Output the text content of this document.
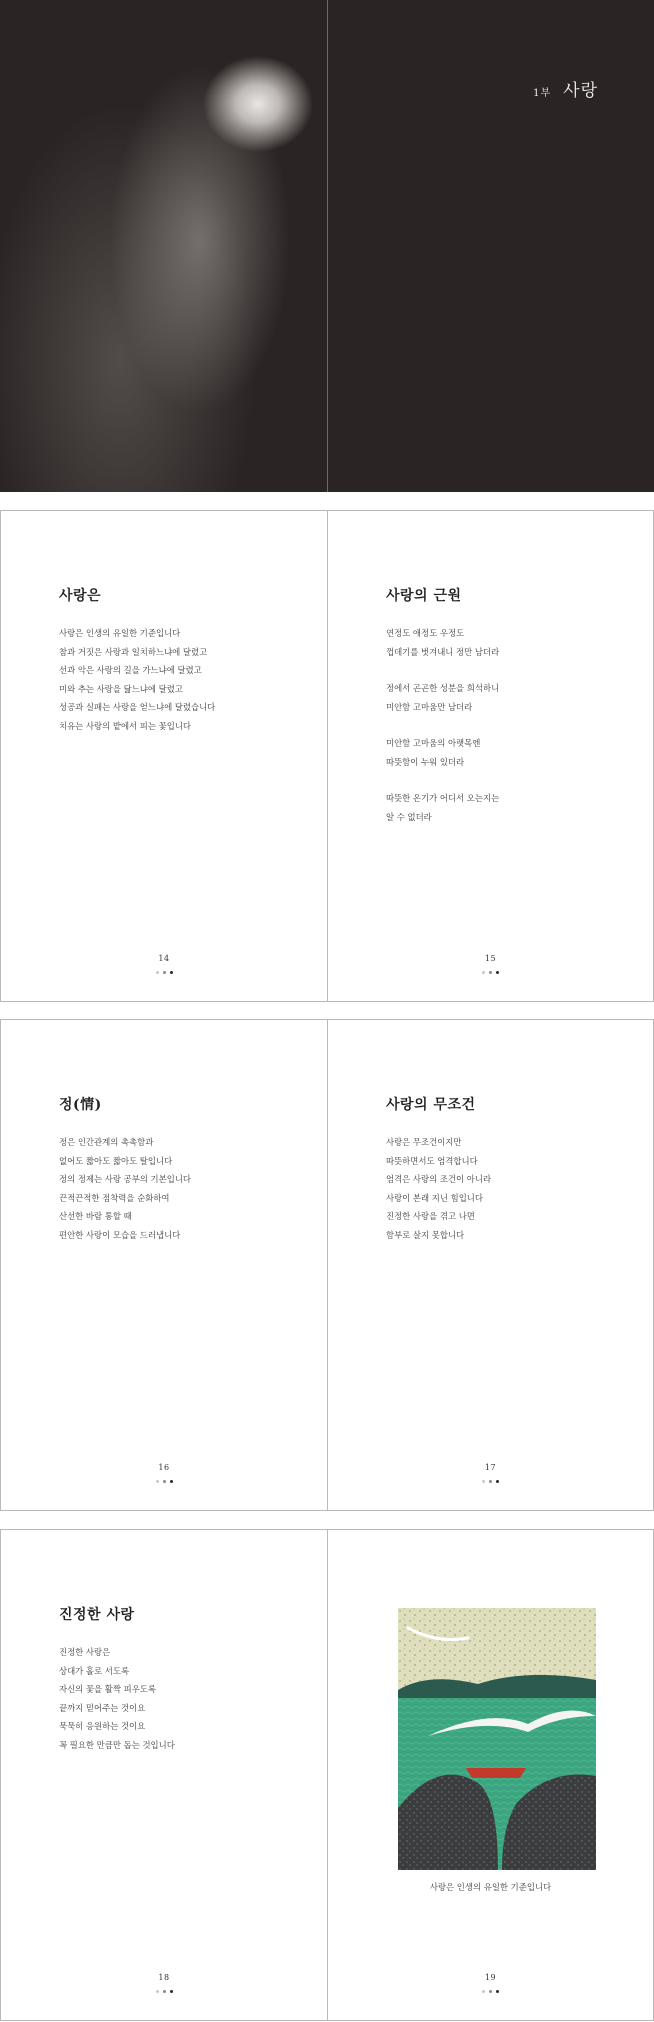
1부 사랑
사랑은
사랑은 인생의 유일한 기준입니다
참과 거짓은 사랑과 일치하느냐에 달렸고
선과 악은 사랑의 길을 가느냐에 달렸고
미와 추는 사랑을 닮느냐에 달렸고
성공과 실패는 사랑을 얻느냐에 달렸습니다
치유는 사랑의 밭에서 피는 꽃입니다
14
사랑의 근원
연정도 애정도 우정도
껍데기를 벗겨내니 정만 남더라
정에서 곤곤한 성분을 희석하니
미안함 고마움만 남더라
미안함 고마움의 아랫목엔
따뜻함이 누워 있더라
따뜻한 온기가 어디서 오는지는
알 수 없더라
15
정(情)
정은 인간관계의 촉촉함과
없어도 짧아도 짧아도 탈입니다
정의 정제는 사랑 공부의 기본입니다
끈적끈적한 점착력을 순화하여
산선한 바람 통할 때
편안한 사랑이 모습을 드러냅니다
16
사랑의 무조건
사랑은 무조건이지만
따뜻하면서도 엄격합니다
엄격은 사랑의 조건이 아니라
사랑이 본래 지닌 힘입니다
진정한 사랑을 겪고 나면
함부로 살지 못합니다
17
진정한 사랑
진정한 사랑은
상대가 홀로 서도록
자신의 꽃을 활짝 피우도록
끝까지 믿어주는 것이요
묵묵히 응원하는 것이요
꼭 필요한 만큼만 돕는 것입니다
18
사랑은 인생의 유일한 기준입니다
19
